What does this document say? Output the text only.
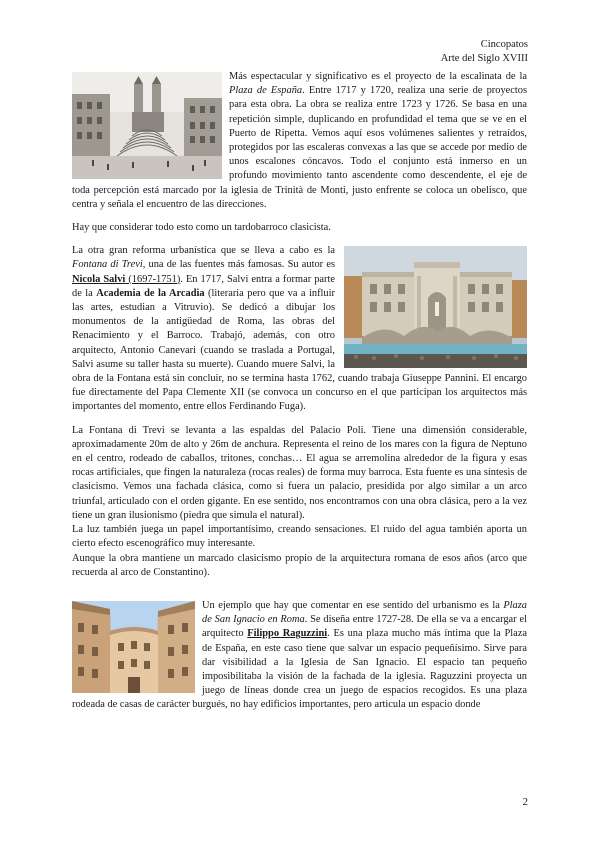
Cincopatos
Arte del Siglo XVIII

Más espectacular y significativo es el proyecto de la escalinata de la Plaza de España. Entre 1717 y 1720, realiza una serie de proyectos para esta obra. La obra se realiza entre 1723 y 1726. Se basa en una repetición simple, duplicando en profundidad el tema que se ve en el Puerto de Ripetta. Vemos aquí esos volúmenes salientes y retraídos, protegidos por las escaleras convexas a las que se accede por medio de unos escalones cóncavos. Todo el conjunto está inmerso en un profundo movimiento tanto ascendente como descendente, el eje de toda percepción está marcado por la iglesia de Trinità de Monti, justo enfrente se coloca un obelisco, que centra y señala el encuentro de las direcciones.

Hay que considerar todo esto como un tardobarroco clasicista.

La otra gran reforma urbanística que se lleva a cabo es la Fontana di Trevi, una de las fuentes más famosas. Su autor es Nicola Salvi (1697-1751). En 1717, Salvi entra a formar parte de la Academia de la Arcadia (literaria pero que va a influir las artes, estudian a Vitruvio). Se dedicó a dibujar los monumentos de la antigüedad de Roma, las obras del Renacimiento y el Barroco. Trabajó, además, con otro arquitecto, Antonio Canevari (cuando se traslada a Portugal, Salvi asume su taller hasta su muerte). Cuando muere Salvi, la obra de la Fontana está sin concluir, no se termina hasta 1762, cuando trabaja Giuseppe Pannini. El encargo fue directamente del Papa Clemente XII (se convoca un concurso en el que participan los arquitectos más importantes del momento, entre ellos Ferdinando Fuga).

La Fontana di Trevi se levanta a las espaldas del Palacio Poli. Tiene una dimensión considerable, aproximadamente 20m de alto y 26m de anchura. Representa el reino de los mares con la figura de Neptuno en el centro, rodeado de caballos, tritones, conchas… El agua se arremolina alrededor de la figura y esas rocas artificiales, que fingen la naturaleza (rocas reales) de forma muy barroca. Esta fuente es una síntesis de clasicismo. Vemos una fachada clásica, como si fuera un palacio, presidida por algo similar a un arco triunfal, articulado con el orden gigante. En ese sentido, nos encontramos con una obra clásica, pero a la vez tiene un gran ilusionismo (piedra que simula el natural).

La luz también juega un papel importantísimo, creando sensaciones. El ruido del agua también aporta un cierto efecto escenográfico muy interesante.

Aunque la obra mantiene un marcado clasicismo propio de la arquitectura romana de esos años (arco que recuerda al arco de Constantino).

Un ejemplo que hay que comentar en ese sentido del urbanismo es la Plaza de San Ignacio en Roma. Se diseña entre 1727-28. De ella se va a encargar el arquitecto Filippo Raguzzini. Es una plaza mucho más íntima que la Plaza de España, en este caso tiene que salvar un espacio pequeñísimo. Sirve para dar visibilidad a la Iglesia de San Ignacio. El espacio tan pequeño imposibilitaba la visión de la fachada de la iglesia. Raguzzini proyecta un juego de líneas donde crea un juego de espacios recogidos. Es una plaza rodeada de casas de carácter burgués, no hay edificios importantes, pero articula un espacio donde

2
